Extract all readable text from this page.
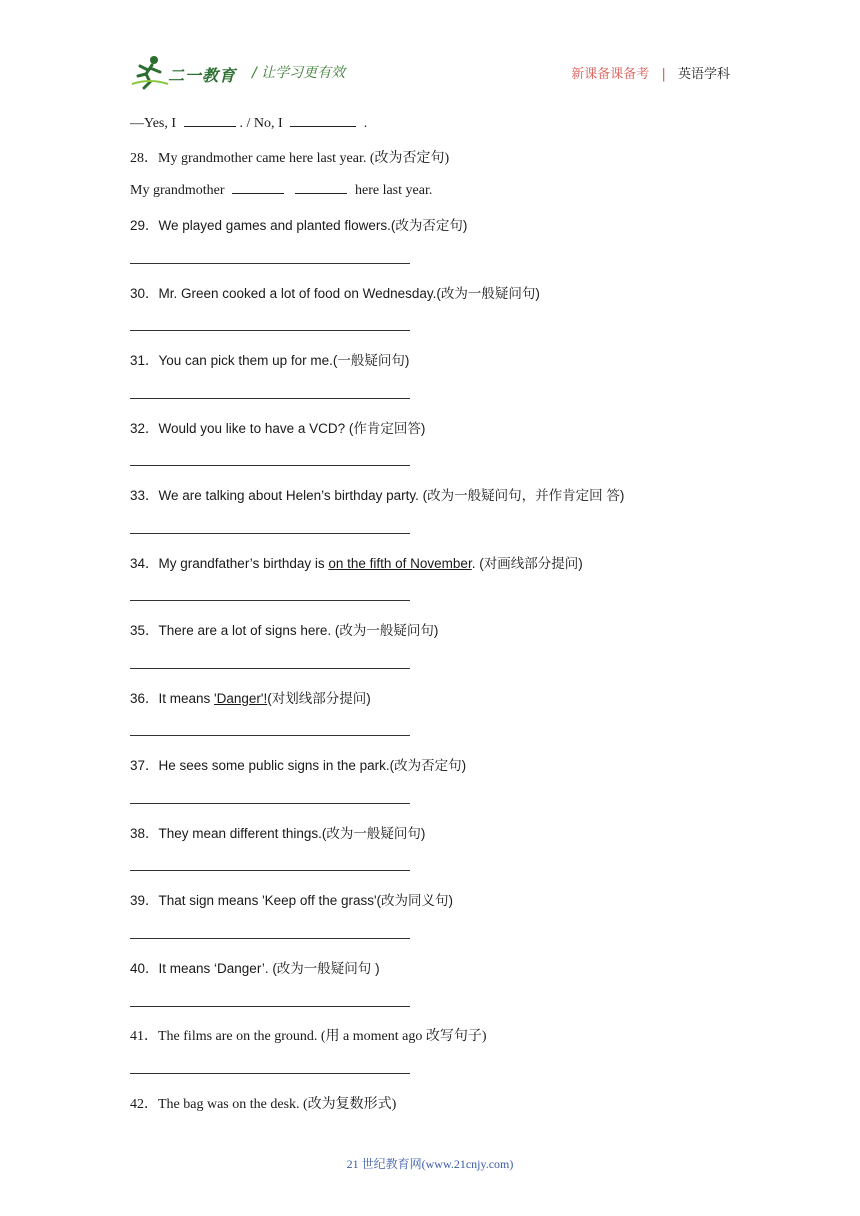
二一教育 / 让学习更有效	新课备课备考 | 英语学科
—Yes, I	. / No, I	.
28．My grandmother came here last year. (改为否定句)
My grandmother	here last year.
29．We played games and planted flowers.(改为否定句)
30．Mr. Green cooked a lot of food on Wednesday.(改为一般疑问句)
31．You can pick them up for me.(一般疑问句)
32．Would you like to have a VCD? (作肯定回答)
33．We are talking about Helen’s birthday party. (改为一般疑问句，并作肯定回 答)
34．My grandfather’s birthday is on the fifth of November. (对画线部分提问)
35．There are a lot of signs here. (改为一般疑问句)
36．It means 'Danger'!(对划线部分提问)
37．He sees some public signs in the park.(改为否定句)
38．They mean different things.(改为一般疑问句)
39．That sign means 'Keep off the grass'(改为同义句)
40．It means ‘Danger’. (改为一般疑问句 )
41．The films are on the ground. (用 a moment ago 改写句子)
42．The bag was on the desk. (改为复数形式)
21 世纪教育网(www.21cnjy.com)
